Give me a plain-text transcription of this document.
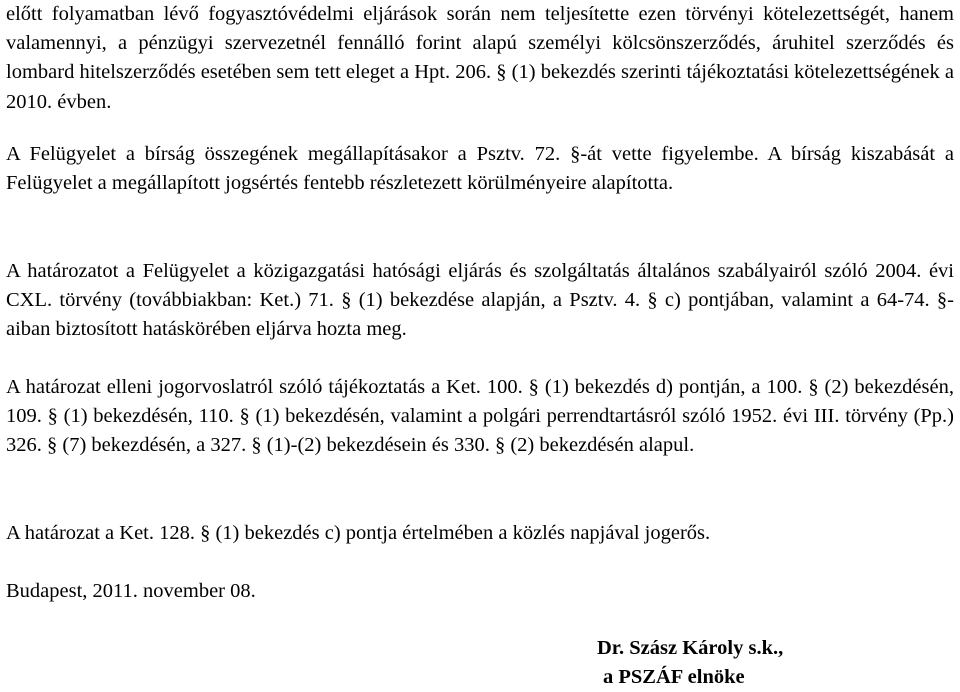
előtt folyamatban lévő fogyasztóvédelmi eljárások során nem teljesítette ezen törvényi kötelezettségét, hanem valamennyi, a pénzügyi szervezetnél fennálló forint alapú személyi kölcsönszerződés, áruhitel szerződés és lombard hitelszerződés esetében sem tett eleget a Hpt. 206. § (1) bekezdés szerinti tájékoztatási kötelezettségének a 2010. évben.

A Felügyelet a bírság összegének megállapításakor a Psztv. 72. §-át vette figyelembe. A bírság kiszabását a Felügyelet a megállapított jogsértés fentebb részletezett körülményeire alapította.

A határozatot a Felügyelet a közigazgatási hatósági eljárás és szolgáltatás általános szabályairól szóló 2004. évi CXL. törvény (továbbiakban: Ket.) 71. § (1) bekezdése alapján, a Psztv. 4. § c) pontjában, valamint a 64-74. §-aiban biztosított hatáskörében eljárva hozta meg.

A határozat elleni jogorvoslatról szóló tájékoztatás a Ket. 100. § (1) bekezdés d) pontján, a 100. § (2) bekezdésén, 109. § (1) bekezdésén, 110. § (1) bekezdésén, valamint a polgári perrendtartásról szóló 1952. évi III. törvény (Pp.) 326. § (7) bekezdésén, a 327. § (1)-(2) bekezdésein és 330. § (2) bekezdésén alapul.

A határozat a Ket. 128. § (1) bekezdés c) pontja értelmében a közlés napjával jogerős.

Budapest, 2011. november 08.

Dr. Szász Károly s.k.,
a PSZÁF elnöke
